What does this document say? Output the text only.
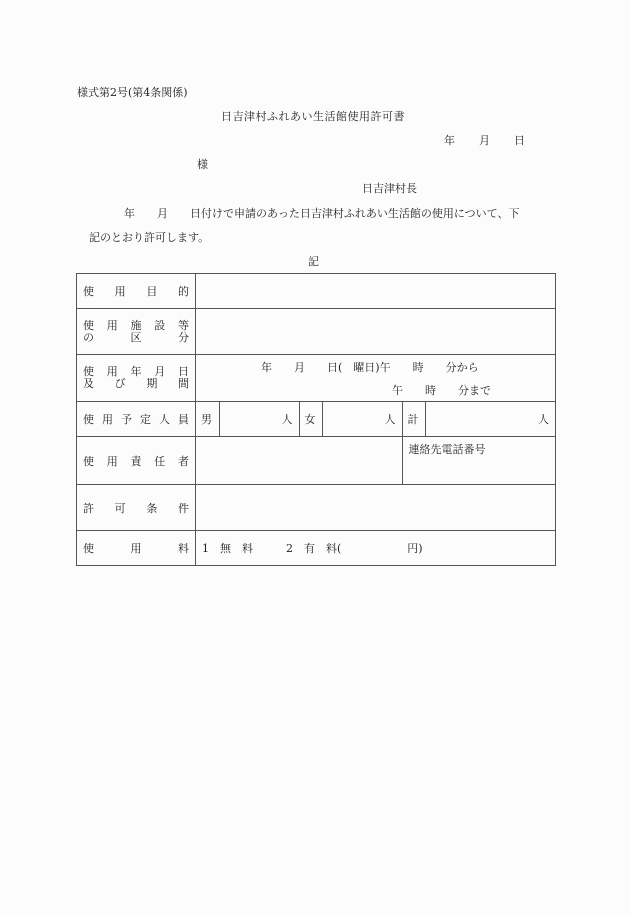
様式第2号(第4条関係)
日吉津村ふれあい生活館使用許可書
年 月 日
様
日吉津村長
年　　月　　日付けで申請のあった日吉津村ふれあい生活館の使用について、下
記のとおり許可します。
記
使 用 目 的

使 用 施 設 等
の	区	分

使 用 年 月 日
及 び 期 間

年　　月　　日(　曜日)午　　時　　分から
午　　時　　分まで

使 用 予 定 人 員
	男	人	女	人	計	人

使 用 責 任 者

	連絡先電話番号

許 可 条 件

使	用	料	1　無　料　　　2　有　料(　　　　　　円)
